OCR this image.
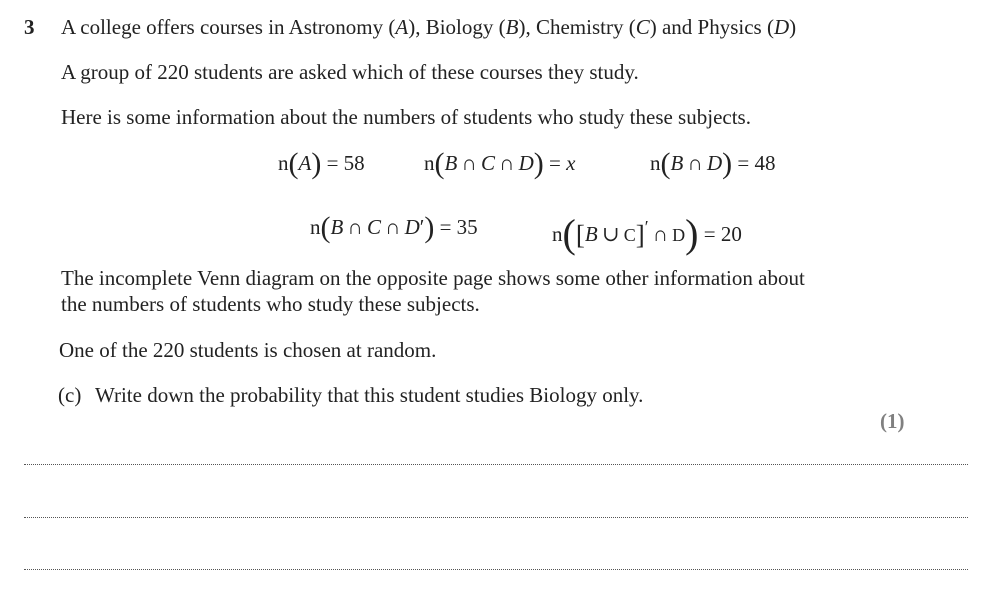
3 A college offers courses in Astronomy (A), Biology (B), Chemistry (C) and Physics (D)
A group of 220 students are asked which of these courses they study.
Here is some information about the numbers of students who study these subjects.
n(A) = 58	n(B  ∩  C  ∩  D) = x	n(B  ∩  D) = 48
n(B  ∩  C  ∩  D′) = 35	n([B  ∪  C]′  ∩  D) = 20
The incomplete Venn diagram on the opposite page shows some other information about
the numbers of students who study these subjects.
One of the 220 students is chosen at random.
(c) Write down the probability that this student studies Biology only.
(1)
